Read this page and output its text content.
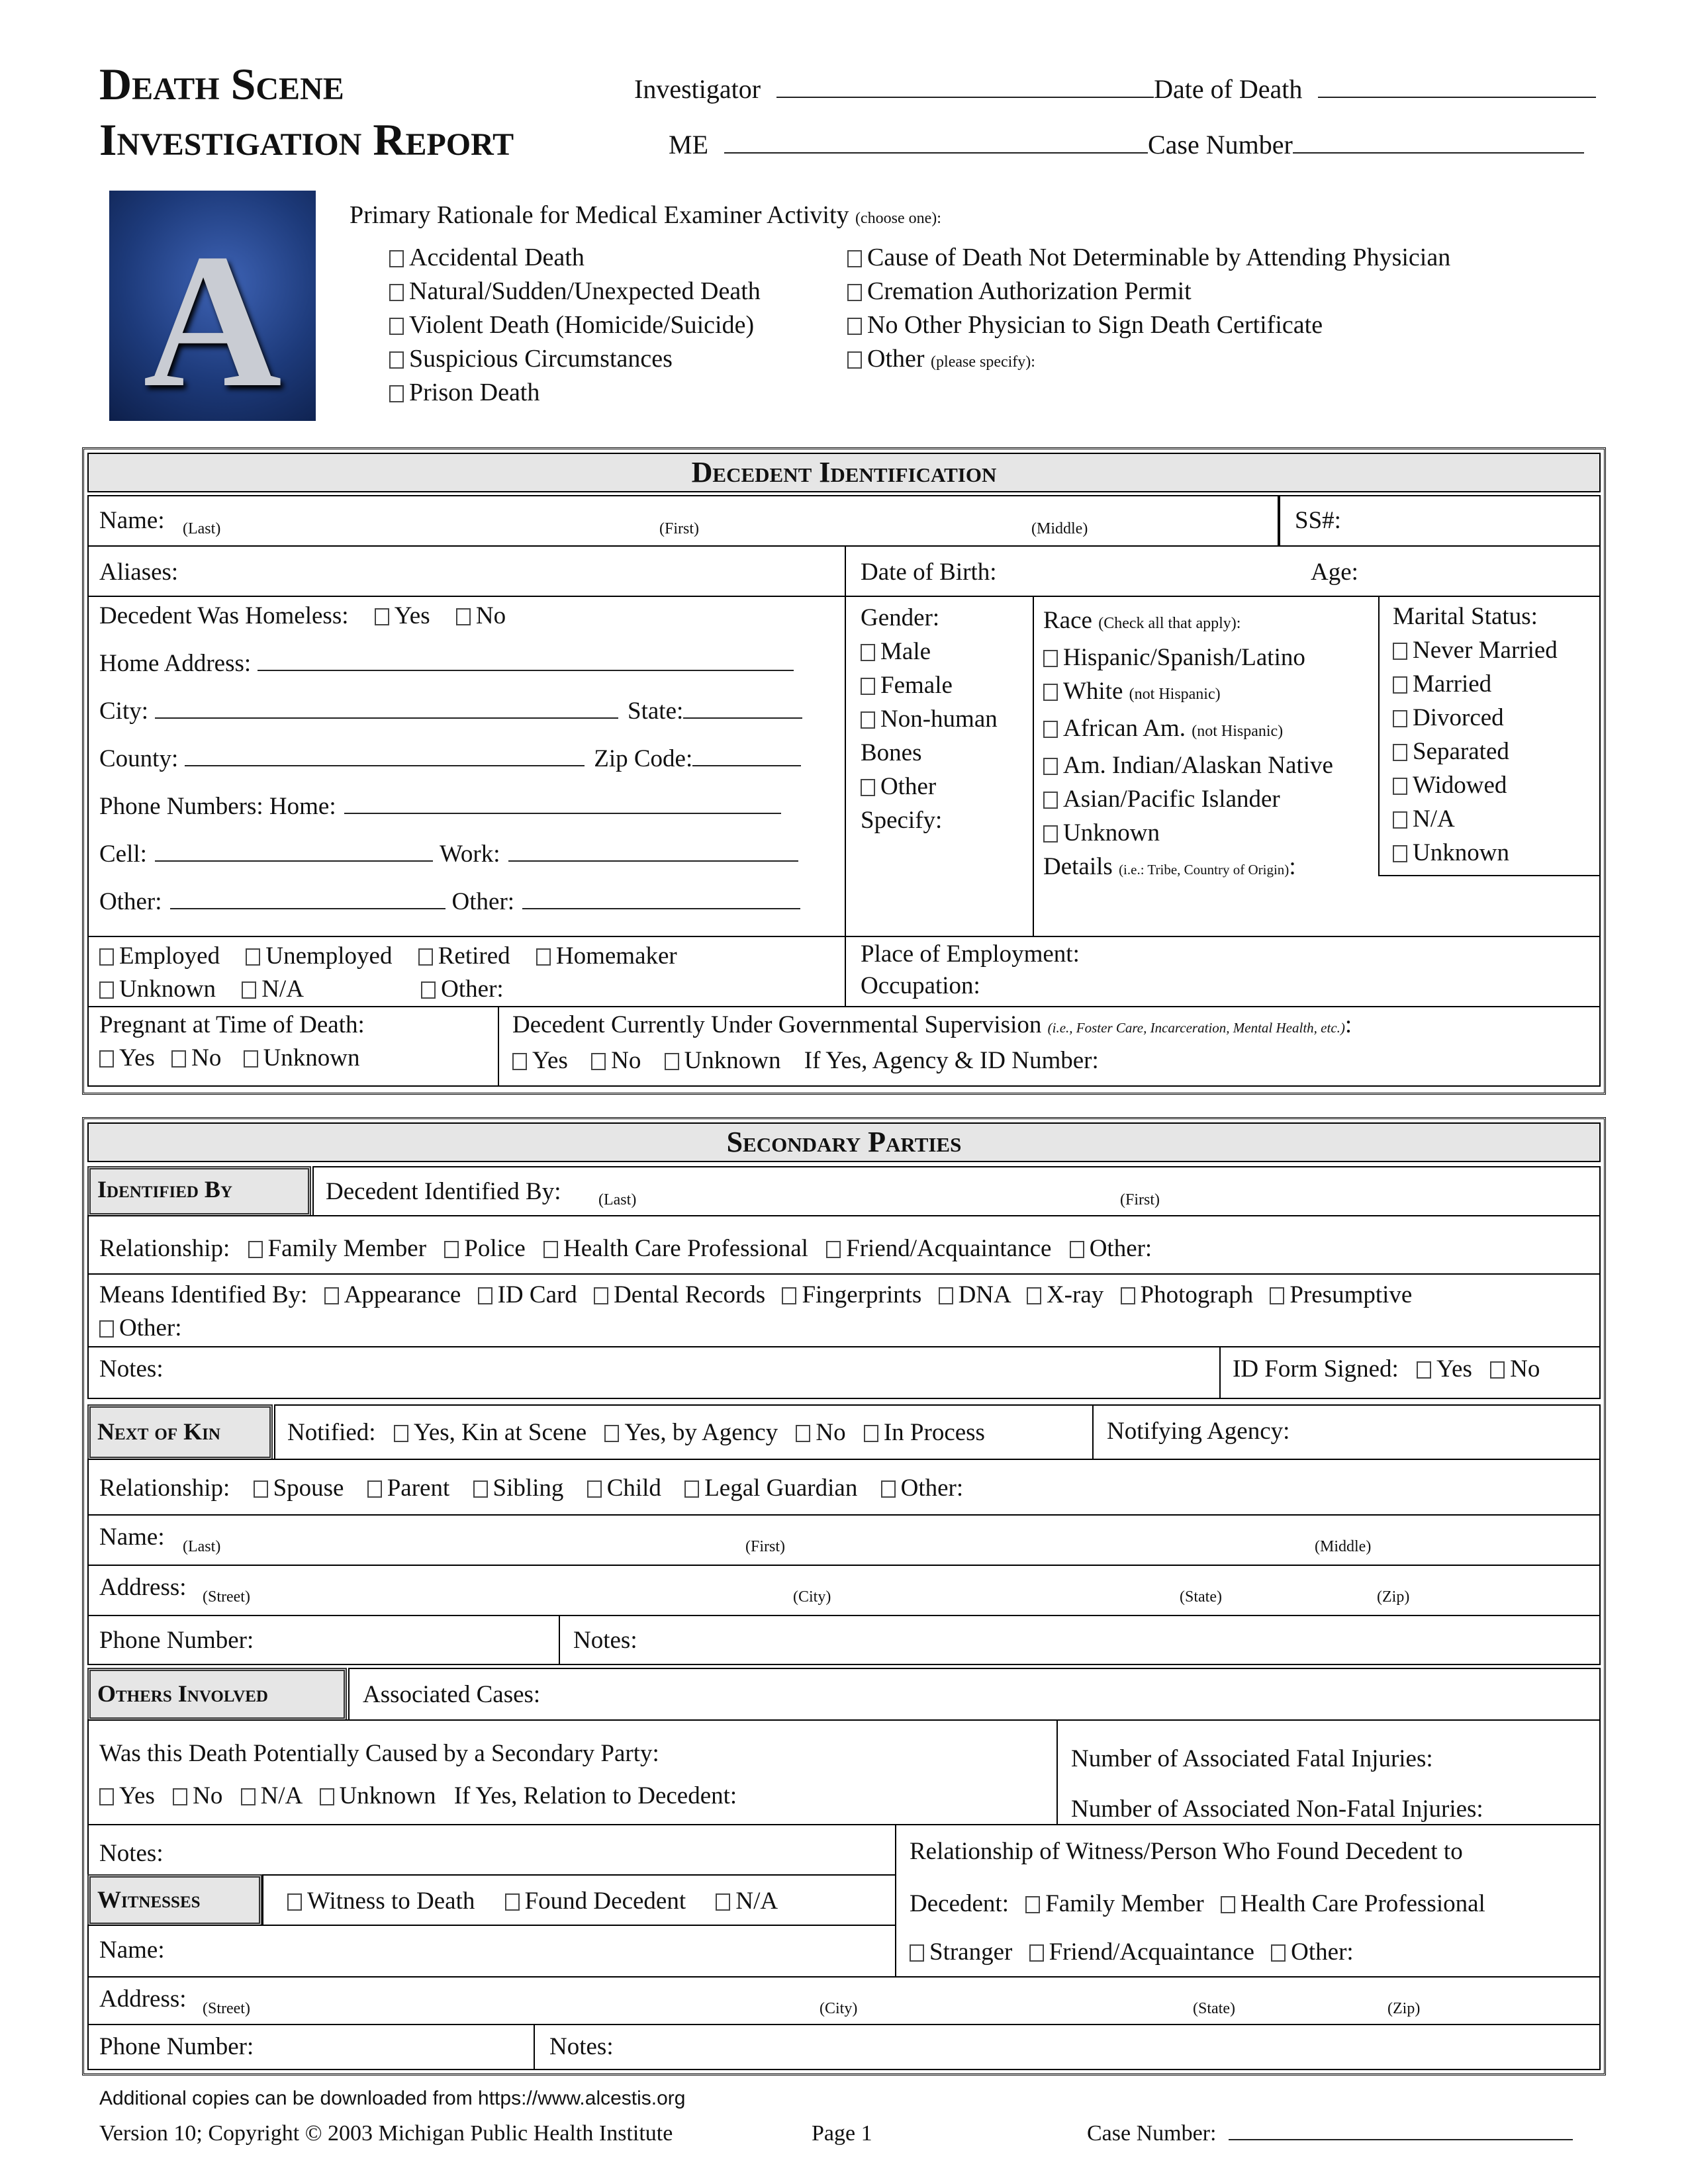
Death Scene
Investigation Report
Investigator	Date of Death
ME	Case Number
A	Primary Rationale for Medical Examiner Activity (choose one):
Accidental Death
Natural/Sudden/Unexpected Death
Violent Death (Homicide/Suicide)
Suspicious Circumstances
Prison Death
Cause of Death Not Determinable by Attending Physician
Cremation Authorization Permit
No Other Physician to Sign Death Certificate
Other (please specify):
Decedent Identification
Name: (Last)	(First)	(Middle)	SS#:
Aliases:	Date of Birth:	Age:
Decedent Was Homeless: Yes No
Home Address:
City:	State:
County:	Zip Code:
Phone Numbers: Home:
Cell:	Work:
Other:	Other:
Gender:
Male
Female
Non-human
Bones
Other
Specify:
Race (Check all that apply):
Hispanic/Spanish/Latino
White (not Hispanic)
African Am. (not Hispanic)
Am. Indian/Alaskan Native
Asian/Pacific Islander
Unknown
Details (i.e.: Tribe, Country of Origin):
Marital Status:
Never Married
Married
Divorced
Separated
Widowed
N/A
Unknown
Employed Unemployed Retired Homemaker
Unknown N/A	Other:
Place of Employment:
Occupation:
Pregnant at Time of Death:
Yes No Unknown
Decedent Currently Under Governmental Supervision (i.e., Foster Care, Incarceration, Mental Health, etc.):
Yes No Unknown If Yes, Agency & ID Number:
Secondary Parties
Identified By	Decedent Identified By: (Last)	(First)
Relationship: Family Member Police Health Care Professional Friend/Acquaintance Other:
Means Identified By: Appearance ID Card Dental Records Fingerprints DNA X-ray Photograph Presumptive
Other:
Notes:	ID Form Signed: Yes No
Next of Kin	Notified: Yes, Kin at Scene Yes, by Agency No In Process	Notifying Agency:
Relationship: Spouse Parent Sibling Child Legal Guardian Other:
Name: (Last)	(First)	(Middle)
Address: (Street)	(City)	(State)	(Zip)
Phone Number:	Notes:
Others Involved	Associated Cases:
Was this Death Potentially Caused by a Secondary Party:
Yes No N/A Unknown If Yes, Relation to Decedent:
Number of Associated Fatal Injuries:
Number of Associated Non-Fatal Injuries:
Notes:
Witnesses	Witness to Death Found Decedent N/A
Name:
Relationship of Witness/Person Who Found Decedent to
Decedent: Family Member Health Care Professional
Stranger Friend/Acquaintance Other:
Address: (Street)	(City)	(State)	(Zip)
Phone Number:	Notes:
Additional copies can be downloaded from https://www.alcestis.org
Version 10; Copyright © 2003 Michigan Public Health Institute	Page 1	Case Number:
